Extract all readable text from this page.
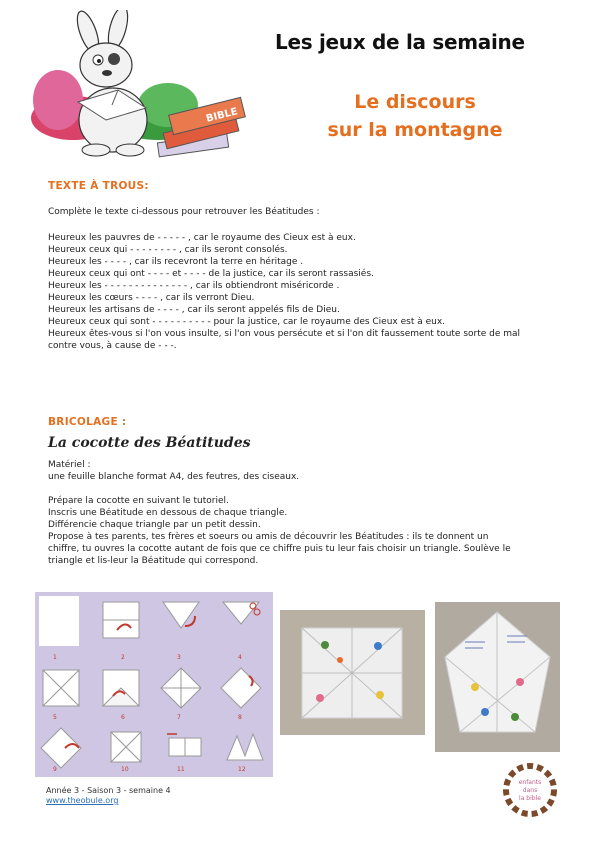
Les jeux de la semaine
Le discours
sur la montagne
BIBLE
TEXTE À TROUS:
Complète le texte ci-dessous pour retrouver les Béatitudes :
Heureux les pauvres de - - - - - , car le royaume des Cieux est à eux.
Heureux ceux qui - - - - - - - - , car ils seront consolés.
Heureux les - - - - , car ils recevront la terre en héritage .
Heureux ceux qui ont - - - - et - - - - de la justice, car ils seront rassasiés.
Heureux les - - - - - - - - - - - - - - , car ils obtiendront miséricorde .
Heureux les cœurs - - - - , car ils verront Dieu.
Heureux les artisans de - - - - , car ils seront appelés fils de Dieu.
Heureux ceux qui sont - - - - - - - - - - pour la justice, car le royaume des Cieux est à eux.
Heureux êtes-vous si l'on vous insulte, si l'on vous persécute et si l'on dit faussement toute sorte de mal
contre vous, à cause de - - -.
BRICOLAGE :
La cocotte des Béatitudes
Matériel :
une feuille blanche format A4, des feutres, des ciseaux.
Prépare la cocotte en suivant le tutoriel.
Inscris une Béatitude en dessous de chaque triangle.
Différencie chaque triangle par un petit dessin.
Propose à tes parents, tes frères et soeurs ou amis de découvrir les Béatitudes : ils te donnent un
chiffre, tu ouvres la cocotte autant de fois que ce chiffre puis tu leur fais choisir un triangle. Soulève le
triangle et lis-leur la Béatitude qui correspond.
1	2	3	4
5	6	7	8
9	10	11	12
Année 3 - Saison 3 - semaine 4
www.theobule.org
enfants
dans
la bible
